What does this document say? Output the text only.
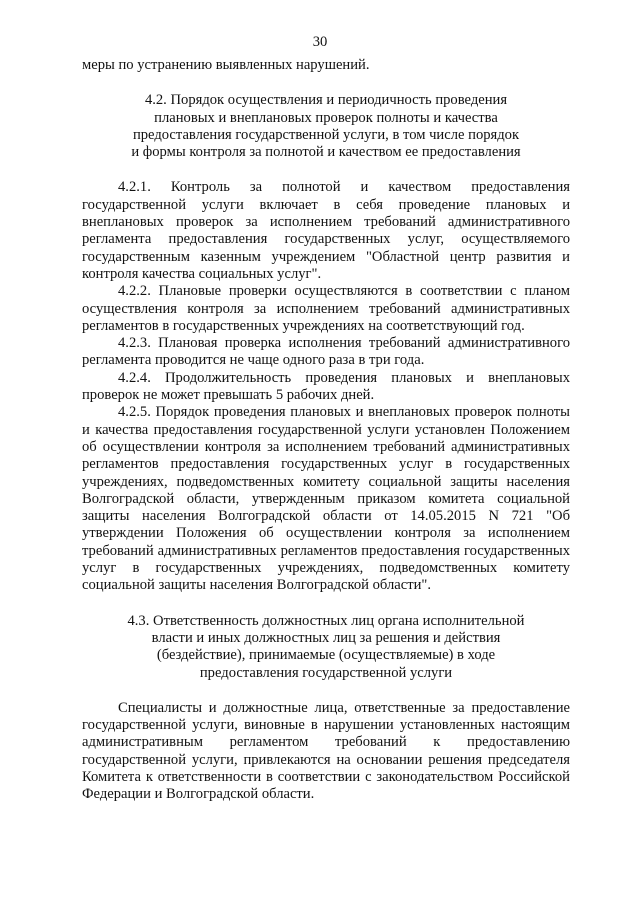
30

меры по устранению выявленных нарушений.

4.2. Порядок осуществления и периодичность проведения
плановых и внеплановых проверок полноты и качества
предоставления государственной услуги, в том числе порядок
и формы контроля за полнотой и качеством ее предоставления

4.2.1. Контроль за полнотой и качеством предоставления государственной услуги включает в себя проведение плановых и внеплановых проверок за исполнением требований административного регламента предоставления государственных услуг, осуществляемого государственным казенным учреждением "Областной центр развития и контроля качества социальных услуг".

4.2.2. Плановые проверки осуществляются в соответствии с планом осуществления контроля за исполнением требований административных регламентов в государственных учреждениях на соответствующий год.

4.2.3. Плановая проверка исполнения требований административного регламента проводится не чаще одного раза в три года.

4.2.4. Продолжительность проведения плановых и внеплановых проверок не может превышать 5 рабочих дней.

4.2.5. Порядок проведения плановых и внеплановых проверок полноты и качества предоставления государственной услуги установлен Положением об осуществлении контроля за исполнением требований административных регламентов предоставления государственных услуг в государственных учреждениях, подведомственных комитету социальной защиты населения Волгоградской области, утвержденным приказом комитета социальной защиты населения Волгоградской области от 14.05.2015 N 721 "Об утверждении Положения об осуществлении контроля за исполнением требований административных регламентов предоставления государственных услуг в государственных учреждениях, подведомственных комитету социальной защиты населения Волгоградской области".

4.3. Ответственность должностных лиц органа исполнительной
власти и иных должностных лиц за решения и действия
(бездействие), принимаемые (осуществляемые) в ходе
предоставления государственной услуги

Специалисты и должностные лица, ответственные за предоставление государственной услуги, виновные в нарушении установленных настоящим административным регламентом требований к предоставлению государственной услуги, привлекаются на основании решения председателя Комитета к ответственности в соответствии с законодательством Российской Федерации и Волгоградской области.
